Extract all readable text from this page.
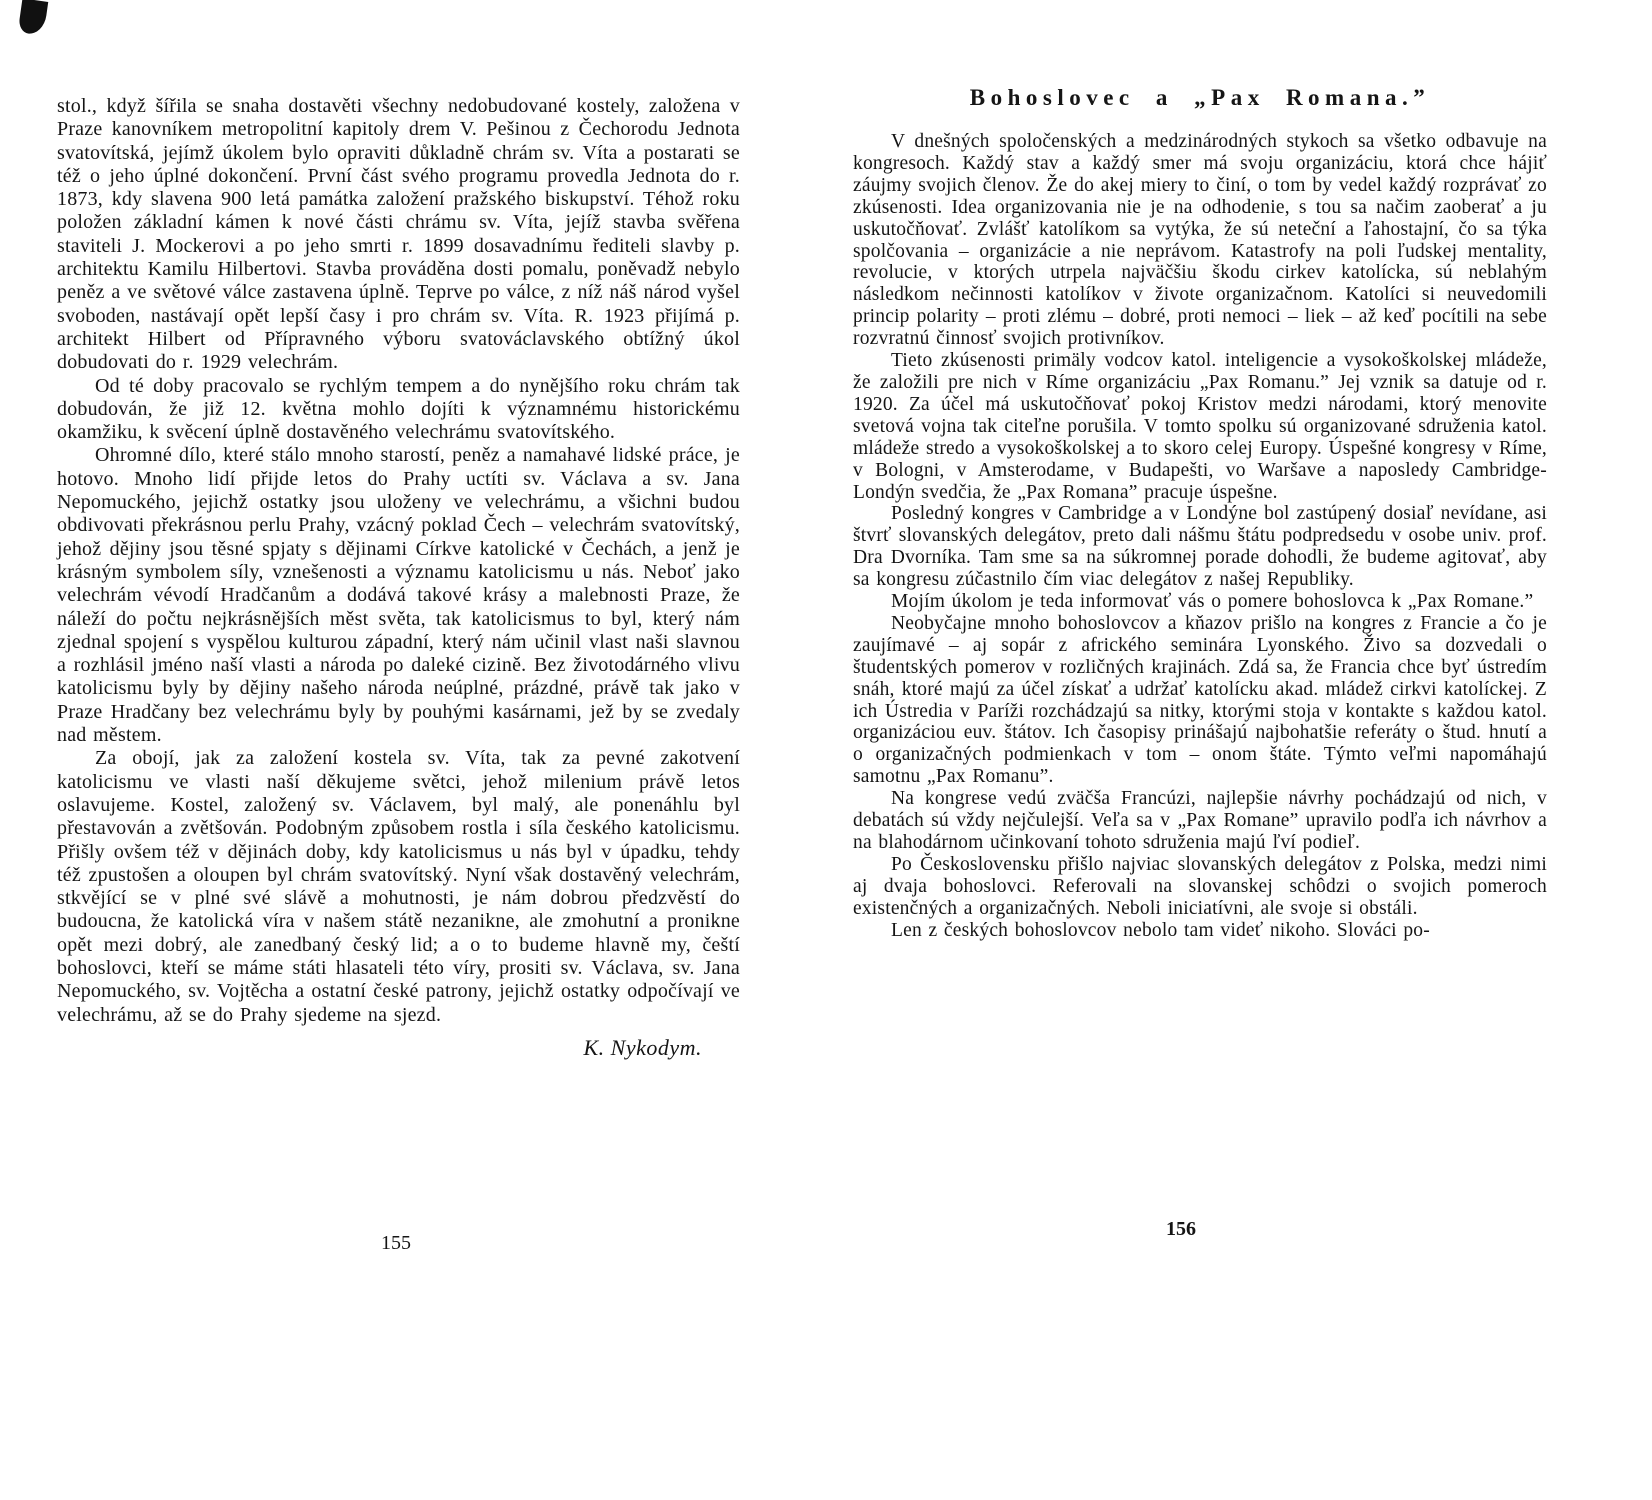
stol., když šířila se snaha dostavěti všechny nedobudované kostely, založena v Praze kanovníkem metropolitní kapitoly drem V. Pešinou z Čechorodu Jednota svatovítská, jejímž úkolem bylo opraviti důkladně chrám sv. Víta a postarati se též o jeho úplné dokončení. První část svého programu provedla Jednota do r. 1873, kdy slavena 900 letá památka založení pražského biskupství. Téhož roku položen základní kámen k nové části chrámu sv. Víta, jejíž stavba svěřena staviteli J. Mockerovi a po jeho smrti r. 1899 dosavadnímu řediteli slavby p. architektu Kamilu Hilbertovi. Stavba prováděna dosti pomalu, poněvadž nebylo peněz a ve světové válce zastavena úplně. Teprve po válce, z níž náš národ vyšel svoboden, nastávají opět lepší časy i pro chrám sv. Víta. R. 1923 přijímá p. architekt Hilbert od Přípravného výboru svatováclavského obtížný úkol dobudovati do r. 1929 velechrám.

Od té doby pracovalo se rychlým tempem a do nynějšího roku chrám tak dobudován, že již 12. května mohlo dojíti k významnému historickému okamžiku, k svěcení úplně dostavěného velechrámu svatovítského.

Ohromné dílo, které stálo mnoho starostí, peněz a namahavé lidské práce, je hotovo. Mnoho lidí přijde letos do Prahy uctíti sv. Václava a sv. Jana Nepomuckého, jejichž ostatky jsou uloženy ve velechrámu, a všichni budou obdivovati překrásnou perlu Prahy, vzácný poklad Čech – velechrám svatovítský, jehož dějiny jsou těsné spjaty s dějinami Církve katolické v Čechách, a jenž je krásným symbolem síly, vznešenosti a významu katolicismu u nás. Neboť jako velechrám vévodí Hradčanům a dodává takové krásy a malebnosti Praze, že náleží do počtu nejkrásnějších měst světa, tak katolicismus to byl, který nám zjednal spojení s vyspělou kulturou západní, který nám učinil vlast naši slavnou a rozhlásil jméno naší vlasti a národa po daleké cizině. Bez životodárného vlivu katolicismu byly by dějiny našeho národa neúplné, prázdné, právě tak jako v Praze Hradčany bez velechrámu byly by pouhými kasárnami, jež by se zvedaly nad městem.

Za obojí, jak za založení kostela sv. Víta, tak za pevné zakotvení katolicismu ve vlasti naší děkujeme světci, jehož milenium právě letos oslavujeme. Kostel, založený sv. Václavem, byl malý, ale ponenáhlu byl přestavován a zvětšován. Podobným způsobem rostla i síla českého katolicismu. Přišly ovšem též v dějinách doby, kdy katolicismus u nás byl v úpadku, tehdy též zpustošen a oloupen byl chrám svatovítský. Nyní však dostavěný velechrám, stkvějící se v plné své slávě a mohutnosti, je nám dobrou předzvěstí do budoucna, že katolická víra v našem státě nezanikne, ale zmohutní a pronikne opět mezi dobrý, ale zanedbaný český lid; a o to budeme hlavně my, čeští bohoslovci, kteří se máme státi hlasateli této víry, prositi sv. Václava, sv. Jana Nepomuckého, sv. Vojtěcha a ostatní české patrony, jejichž ostatky odpočívají ve velechrámu, až se do Prahy sjedeme na sjezd.

K. Nykodym.
Bohoslovec a „Pax Romana.”

V dnešných spoločenských a medzinárodných stykoch sa všetko odbavuje na kongresoch. Každý stav a každý smer má svoju organizáciu, ktorá chce hájiť záujmy svojich členov. Že do akej miery to činí, o tom by vedel každý rozprávať zo zkúsenosti. Idea organizovania nie je na odhodenie, s tou sa načim zaoberať a ju uskutočňovať. Zvlášť katolíkom sa vytýka, že sú neteční a ľahostajní, čo sa týka spolčovania – organizácie a nie neprávom. Katastrofy na poli ľudskej mentality, revolucie, v ktorých utrpela najväčšiu škodu cirkev katolícka, sú neblahým následkom nečinnosti katolíkov v živote organizačnom. Katolíci si neuvedomili princip polarity – proti zlému – dobré, proti nemoci – liek – až keď pocítili na sebe rozvratnú činnosť svojich protivníkov.

Tieto zkúsenosti primäly vodcov katol. inteligencie a vysokoškolskej mládeže, že založili pre nich v Ríme organizáciu „Pax Romanu.” Jej vznik sa datuje od r. 1920. Za účel má uskutočňovať pokoj Kristov medzi národami, ktorý menovite svetová vojna tak citeľne porušila. V tomto spolku sú organizované sdruženia katol. mládeže stredo a vysokoškolskej a to skoro celej Europy. Úspešné kongresy v Ríme, v Bologni, v Amsterodame, v Budapešti, vo Waršave a naposledy Cambridge-Londýn svedčia, že „Pax Romana” pracuje úspešne.

Posledný kongres v Cambridge a v Londýne bol zastúpený dosiaľ nevídane, asi štvrť slovanských delegátov, preto dali nášmu štátu podpredsedu v osobe univ. prof. Dra Dvorníka. Tam sme sa na súkromnej porade dohodli, že budeme agitovať, aby sa kongresu zúčastnilo čím viac delegátov z našej Republiky.

Mojím úkolom je teda informovať vás o pomere bohoslovca k „Pax Romane.”

Neobyčajne mnoho bohoslovcov a kňazov prišlo na kongres z Francie a čo je zaujímavé – aj sopár z afrického seminára Lyonského. Živo sa dozvedali o študentských pomerov v rozličných krajinách. Zdá sa, že Francia chce byť ústredím snáh, ktoré majú za účel získať a udržať katolícku akad. mládež cirkvi katolíckej. Z ich Ústredia v Paríži rozchádzajú sa nitky, ktorými stoja v kontakte s každou katol. organizáciou euv. štátov. Ich časopisy prinášajú najbohatšie referáty o štud. hnutí a o organizačných podmienkach v tom – onom štáte. Týmto veľmi napomáhajú samotnu „Pax Romanu”.

Na kongrese vedú zväčša Francúzi, najlepšie návrhy pochádzajú od nich, v debatách sú vždy nejčulejší. Veľa sa v „Pax Romane” upravilo podľa ich návrhov a na blahodárnom učinkovaní tohoto sdruženia majú ľví podieľ.

Po Československu přišlo najviac slovanských delegátov z Polska, medzi nimi aj dvaja bohoslovci. Referovali na slovanskej schôdzi o svojich pomeroch existenčných a organizačných. Neboli iniciatívni, ale svoje si obstáli.

Len z českých bohoslovcov nebolo tam videť nikoho. Slováci po-

155
156
